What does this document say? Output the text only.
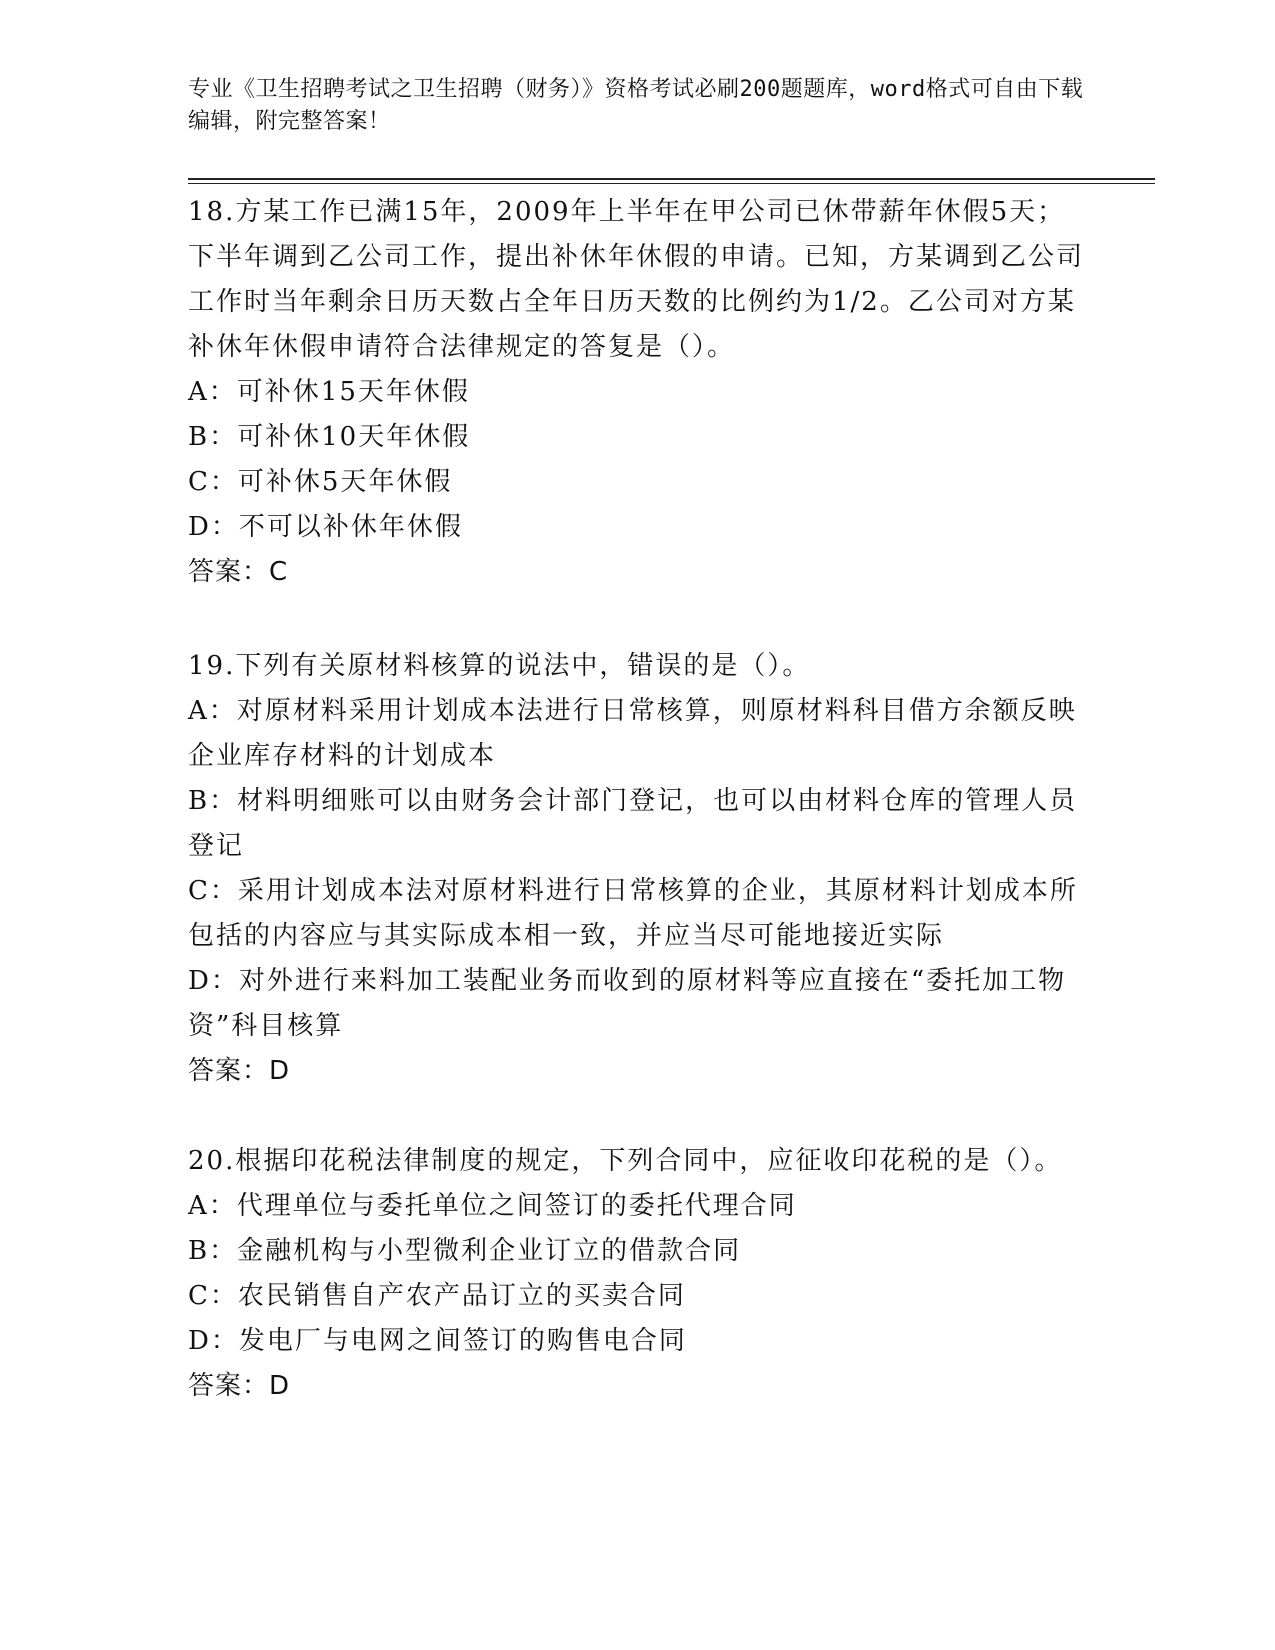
专业《卫生招聘考试之卫生招聘（财务）》资格考试必刷200题题库，word格式可自由下载编辑，附完整答案！

18.方某工作已满15年，2009年上半年在甲公司已休带薪年休假5天；下半年调到乙公司工作，提出补休年休假的申请。已知，方某调到乙公司工作时当年剩余日历天数占全年日历天数的比例约为1/2。乙公司对方某补休年休假申请符合法律规定的答复是（）。

A：可补休15天年休假
B：可补休10天年休假
C：可补休5天年休假
D：不可以补休年休假

答案：C

19.下列有关原材料核算的说法中，错误的是（）。

A：对原材料采用计划成本法进行日常核算，则原材料科目借方余额反映企业库存材料的计划成本
B：材料明细账可以由财务会计部门登记，也可以由材料仓库的管理人员登记
C：采用计划成本法对原材料进行日常核算的企业，其原材料计划成本所包括的内容应与其实际成本相一致，并应当尽可能地接近实际
D：对外进行来料加工装配业务而收到的原材料等应直接在“委托加工物资”科目核算

答案：D

20.根据印花税法律制度的规定，下列合同中，应征收印花税的是（）。

A：代理单位与委托单位之间签订的委托代理合同
B：金融机构与小型微利企业订立的借款合同
C：农民销售自产农产品订立的买卖合同
D：发电厂与电网之间签订的购售电合同

答案：D
